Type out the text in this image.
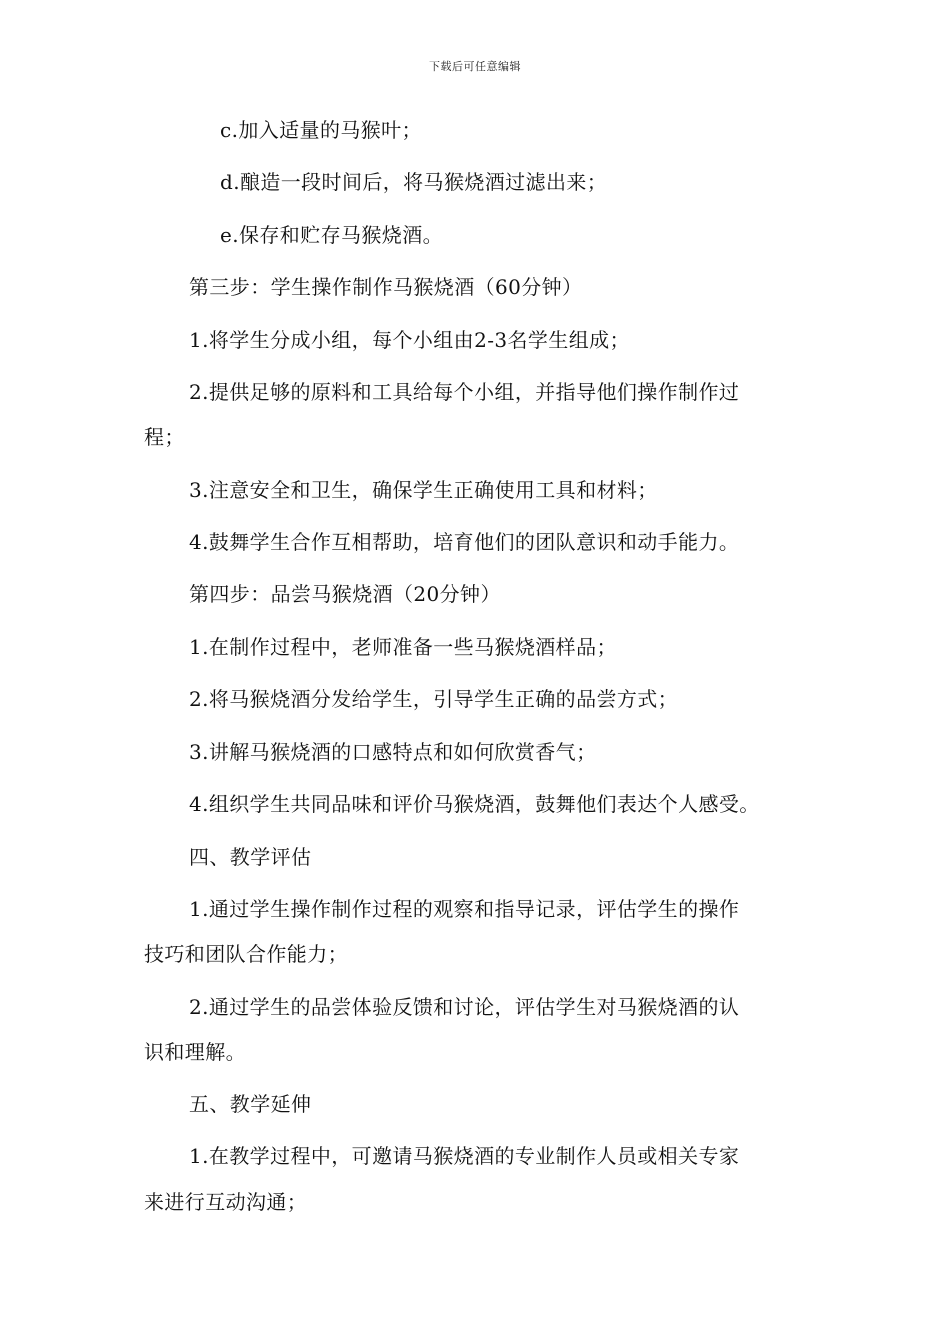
下载后可任意编辑
c.加入适量的马猴叶；
d.酿造一段时间后，将马猴烧酒过滤出来；
e.保存和贮存马猴烧酒。
第三步：学生操作制作马猴烧酒（60分钟）
1.将学生分成小组，每个小组由2-3名学生组成；
2.提供足够的原料和工具给每个小组，并指导他们操作制作过
程；
3.注意安全和卫生，确保学生正确使用工具和材料；
4.鼓舞学生合作互相帮助，培育他们的团队意识和动手能力。
第四步：品尝马猴烧酒（20分钟）
1.在制作过程中，老师准备一些马猴烧酒样品；
2.将马猴烧酒分发给学生，引导学生正确的品尝方式；
3.讲解马猴烧酒的口感特点和如何欣赏香气；
4.组织学生共同品味和评价马猴烧酒，鼓舞他们表达个人感受。
四、教学评估
1.通过学生操作制作过程的观察和指导记录，评估学生的操作
技巧和团队合作能力；
2.通过学生的品尝体验反馈和讨论，评估学生对马猴烧酒的认
识和理解。
五、教学延伸
1.在教学过程中，可邀请马猴烧酒的专业制作人员或相关专家
来进行互动沟通；
